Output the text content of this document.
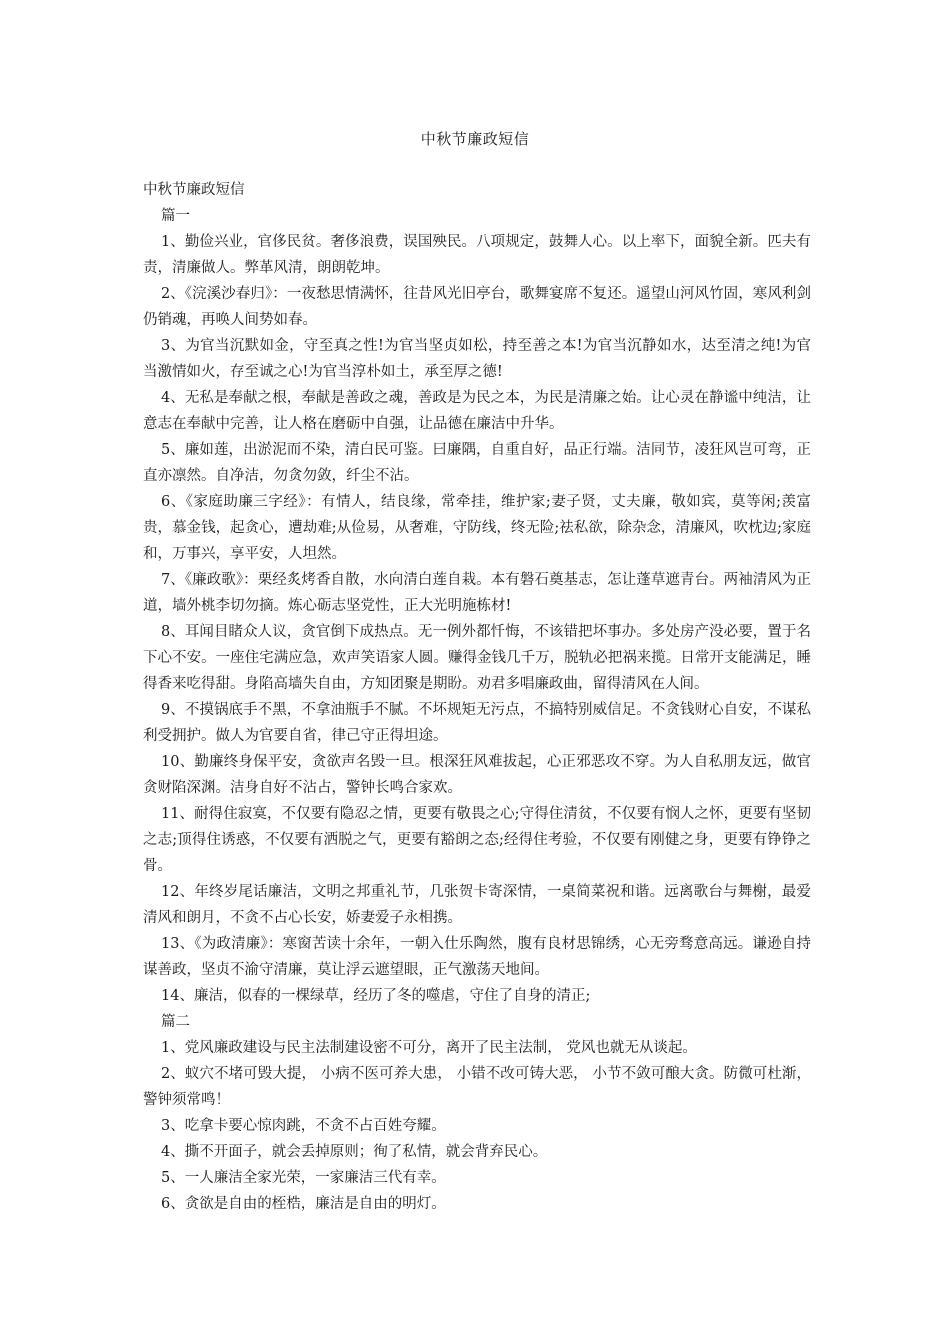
中秋节廉政短信

中秋节廉政短信

篇一

1、勤俭兴业，官侈民贫。奢侈浪费，误国殃民。八项规定，鼓舞人心。以上率下，面貌全新。匹夫有责，清廉做人。弊革风清，朗朗乾坤。

2、《浣溪沙春归》：一夜愁思情满怀，往昔风光旧亭台，歌舞宴席不复还。遥望山河风竹固，寒风利剑仍销魂，再唤人间势如春。

3、为官当沉默如金，守至真之性!为官当坚贞如松，持至善之本!为官当沉静如水，达至清之纯!为官当激情如火，存至诚之心!为官当淳朴如土，承至厚之德!

4、无私是奉献之根，奉献是善政之魂，善政是为民之本，为民是清廉之始。让心灵在静谧中纯洁，让意志在奉献中完善，让人格在磨砺中自强，让品德在廉洁中升华。

5、廉如莲，出淤泥而不染，清白民可鉴。曰廉隅，自重自好，品正行端。洁同节，凌狂风岂可弯，正直亦凛然。自净洁，勿贪勿敛，纤尘不沾。

6、《家庭助廉三字经》：有情人，结良缘，常牵挂，维护家;妻子贤，丈夫廉，敬如宾，莫等闲;羡富贵，慕金钱，起贪心，遭劫难;从俭易，从奢难，守防线，终无险;祛私欲，除杂念，清廉风，吹枕边;家庭和，万事兴，享平安，人坦然。

7、《廉政歌》：栗经炙烤香自散，水向清白莲自栽。本有磐石奠基志，怎让蓬草遮青台。两袖清风为正道，墙外桃李切勿摘。炼心砺志坚党性，正大光明施栋材!

8、耳闻目睹众人议，贪官倒下成热点。无一例外都忏悔，不该错把坏事办。多处房产没必要，置于名下心不安。一座住宅满应急，欢声笑语家人圆。赚得金钱几千万，脱轨必把祸来揽。日常开支能满足，睡得香来吃得甜。身陷高墙失自由，方知团聚是期盼。劝君多唱廉政曲，留得清风在人间。

9、不摸锅底手不黑，不拿油瓶手不腻。不坏规矩无污点，不搞特别威信足。不贪钱财心自安，不谋私利受拥护。做人为官要自省，律己守正得坦途。

10、勤廉终身保平安，贪欲声名毁一旦。根深狂风难拔起，心正邪恶攻不穿。为人自私朋友远，做官贪财陷深渊。洁身自好不沾占，警钟长鸣合家欢。

11、耐得住寂寞，不仅要有隐忍之情，更要有敬畏之心;守得住清贫，不仅要有悯人之怀，更要有坚韧之志;顶得住诱惑，不仅要有洒脱之气，更要有豁朗之态;经得住考验，不仅要有刚健之身，更要有铮铮之骨。

12、年终岁尾话廉洁，文明之邦重礼节，几张贺卡寄深情，一桌简菜祝和谐。远离歌台与舞榭，最爱清风和朗月，不贪不占心长安，娇妻爱子永相携。

13、《为政清廉》：寒窗苦读十余年，一朝入仕乐陶然，腹有良材思锦绣，心无旁骛意高远。谦逊自持谋善政，坚贞不渝守清廉，莫让浮云遮望眼，正气激荡天地间。

14、廉洁，似春的一棵绿草，经历了冬的噬虐，守住了自身的清正;

篇二

1、党风廉政建设与民主法制建设密不可分，离开了民主法制， 党风也就无从谈起。

2、蚁穴不堵可毁大提， 小病不医可养大患， 小错不改可铸大恶， 小节不敛可酿大贪。防微可杜渐，警钟须常鸣！

3、吃拿卡要心惊肉跳，不贪不占百姓夸耀。

4、撕不开面子，就会丢掉原则；徇了私情，就会背弃民心。

5、一人廉洁全家光荣，一家廉洁三代有幸。

6、贪欲是自由的桎梏，廉洁是自由的明灯。
